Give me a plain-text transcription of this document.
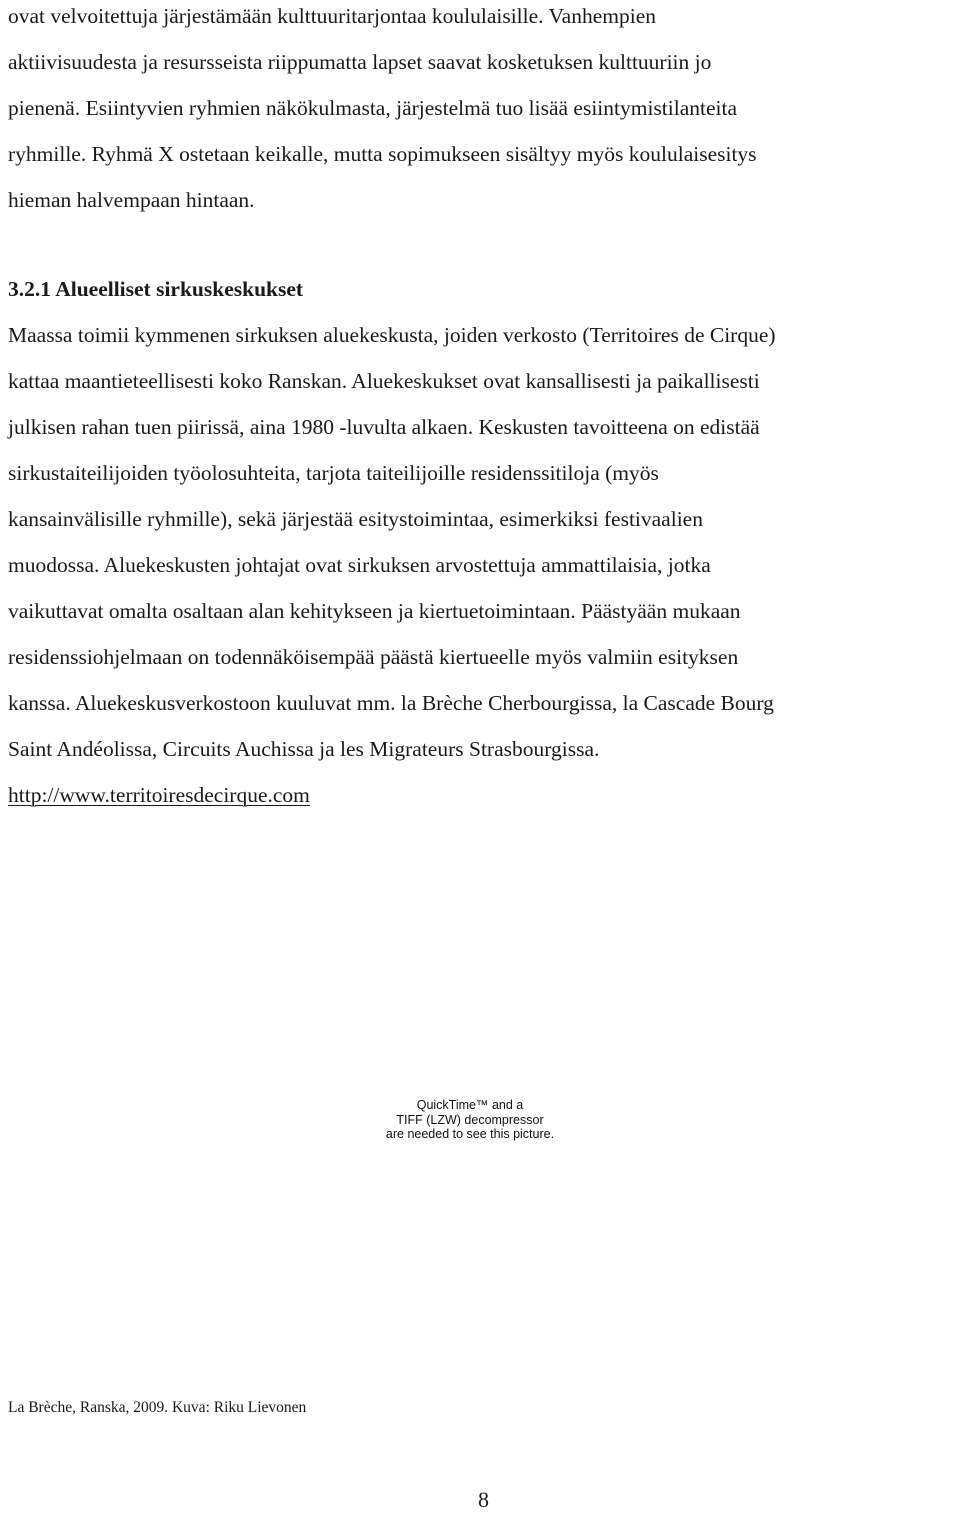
ovat velvoitettuja järjestämään kulttuuritarjontaa koululaisille. Vanhempien
aktiivisuudesta ja resursseista riippumatta lapset saavat kosketuksen kulttuuriin jo
pienenä. Esiintyvien ryhmien näkökulmasta, järjestelmä tuo lisää esiintymistilanteita
ryhmille. Ryhmä X ostetaan keikalle, mutta sopimukseen sisältyy myös koululaisesitys
hieman halvempaan hintaan.
3.2.1 Alueelliset sirkuskeskukset
Maassa toimii kymmenen sirkuksen aluekeskusta, joiden verkosto (Territoires de Cirque)
kattaa maantieteellisesti koko Ranskan. Aluekeskukset ovat kansallisesti ja paikallisesti
julkisen rahan tuen piirissä, aina 1980 -luvulta alkaen. Keskusten tavoitteena on edistää
sirkustaiteilijoiden työolosuhteita, tarjota taiteilijoille residenssitiloja (myös
kansainvälisille ryhmille), sekä järjestää esitystoimintaa, esimerkiksi festivaalien
muodossa. Aluekeskusten johtajat ovat sirkuksen arvostettuja ammattilaisia, jotka
vaikuttavat omalta osaltaan alan kehitykseen ja kiertuetoimintaan. Päästyään mukaan
residenssiohjelmaan on todennäköisempää päästä kiertueelle myös valmiin esityksen
kanssa. Aluekeskusverkostoon kuuluvat mm. la Brèche Cherbourgissa, la Cascade Bourg
Saint Andéolissa, Circuits Auchissa ja les Migrateurs Strasbourgissa.
http://www.territoiresdecirque.com
QuickTime™ and a
TIFF (LZW) decompressor
are needed to see this picture.
La Brèche, Ranska, 2009. Kuva: Riku Lievonen
8
